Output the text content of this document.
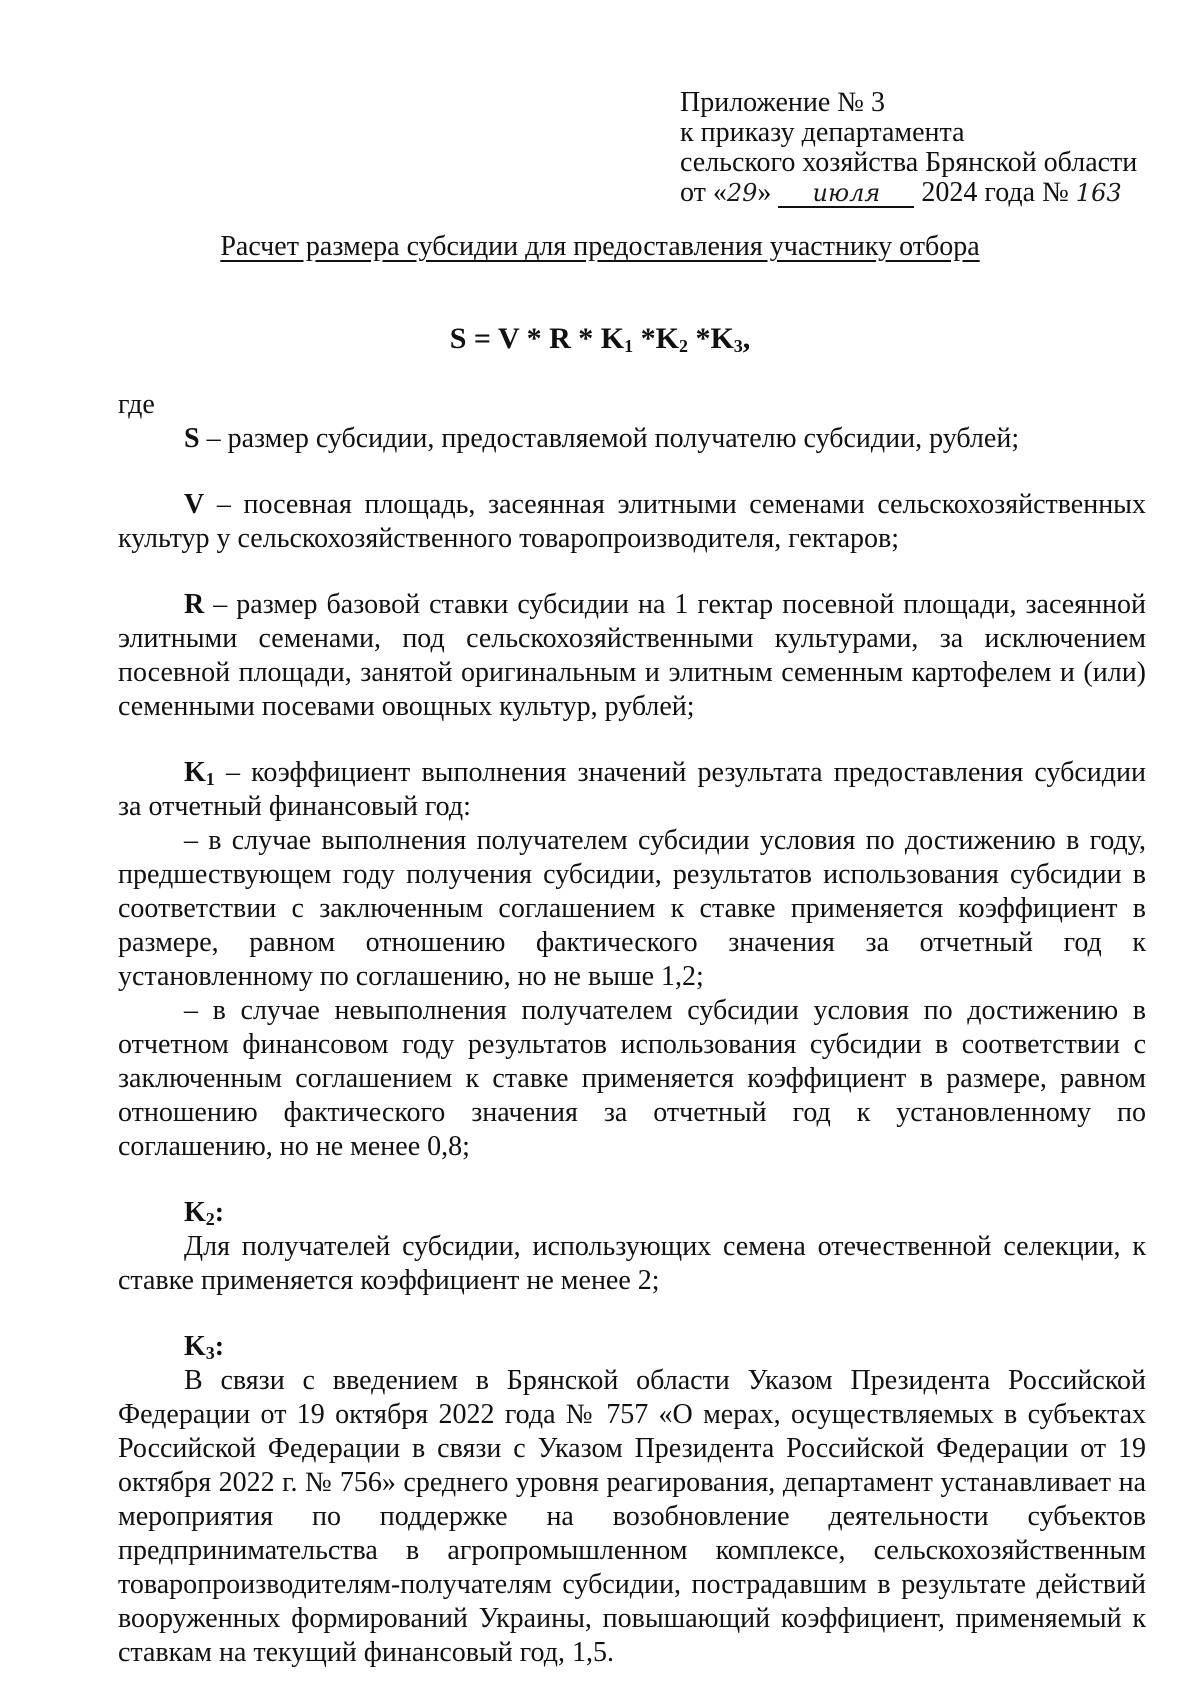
Приложение № 3
к приказу департамента
сельского хозяйства Брянской области
от «29» июля 2024 года № 163
Расчет размера субсидии для предоставления участнику отбора
$S = V * R * K_1$ $*K_2$ $*K_3$,
где
S – размер субсидии, предоставляемой получателю субсидии, рублей;
V – посевная площадь, засеянная элитными семенами сельскохозяйственных культур у сельскохозяйственного товаропроизводителя, гектаров;
R – размер базовой ставки субсидии на 1 гектар посевной площади, засеянной элитными семенами, под сельскохозяйственными культурами, за исключением посевной площади, занятой оригинальным и элитным семенным картофелем и (или) семенными посевами овощных культур, рублей;
$K_1$ – коэффициент выполнения значений результата предоставления субсидии за отчетный финансовый год:
– в случае выполнения получателем субсидии условия по достижению в году, предшествующем году получения субсидии, результатов использования субсидии в соответствии с заключенным соглашением к ставке применяется коэффициент в размере, равном отношению фактического значения за отчетный год к установленному по соглашению, но не выше 1,2;
– в случае невыполнения получателем субсидии условия по достижению в отчетном финансовом году результатов использования субсидии в соответствии с заключенным соглашением к ставке применяется коэффициент в размере, равном отношению фактического значения за отчетный год к установленному по соглашению, но не менее 0,8;
$K_2$:
Для получателей субсидии, использующих семена отечественной селекции, к ставке применяется коэффициент не менее 2;
$K_3$:
В связи с введением в Брянской области Указом Президента Российской Федерации от 19 октября 2022 года № 757 «О мерах, осуществляемых в субъектах Российской Федерации в связи с Указом Президента Российской Федерации от 19 октября 2022 г. № 756» среднего уровня реагирования, департамент устанавливает на мероприятия по поддержке на возобновление деятельности субъектов предпринимательства в агропромышленном комплексе, сельскохозяйственным товаропроизводителям-получателям субсидии, пострадавшим в результате действий вооруженных формирований Украины, повышающий коэффициент, применяемый к ставкам на текущий финансовый год, 1,5.
